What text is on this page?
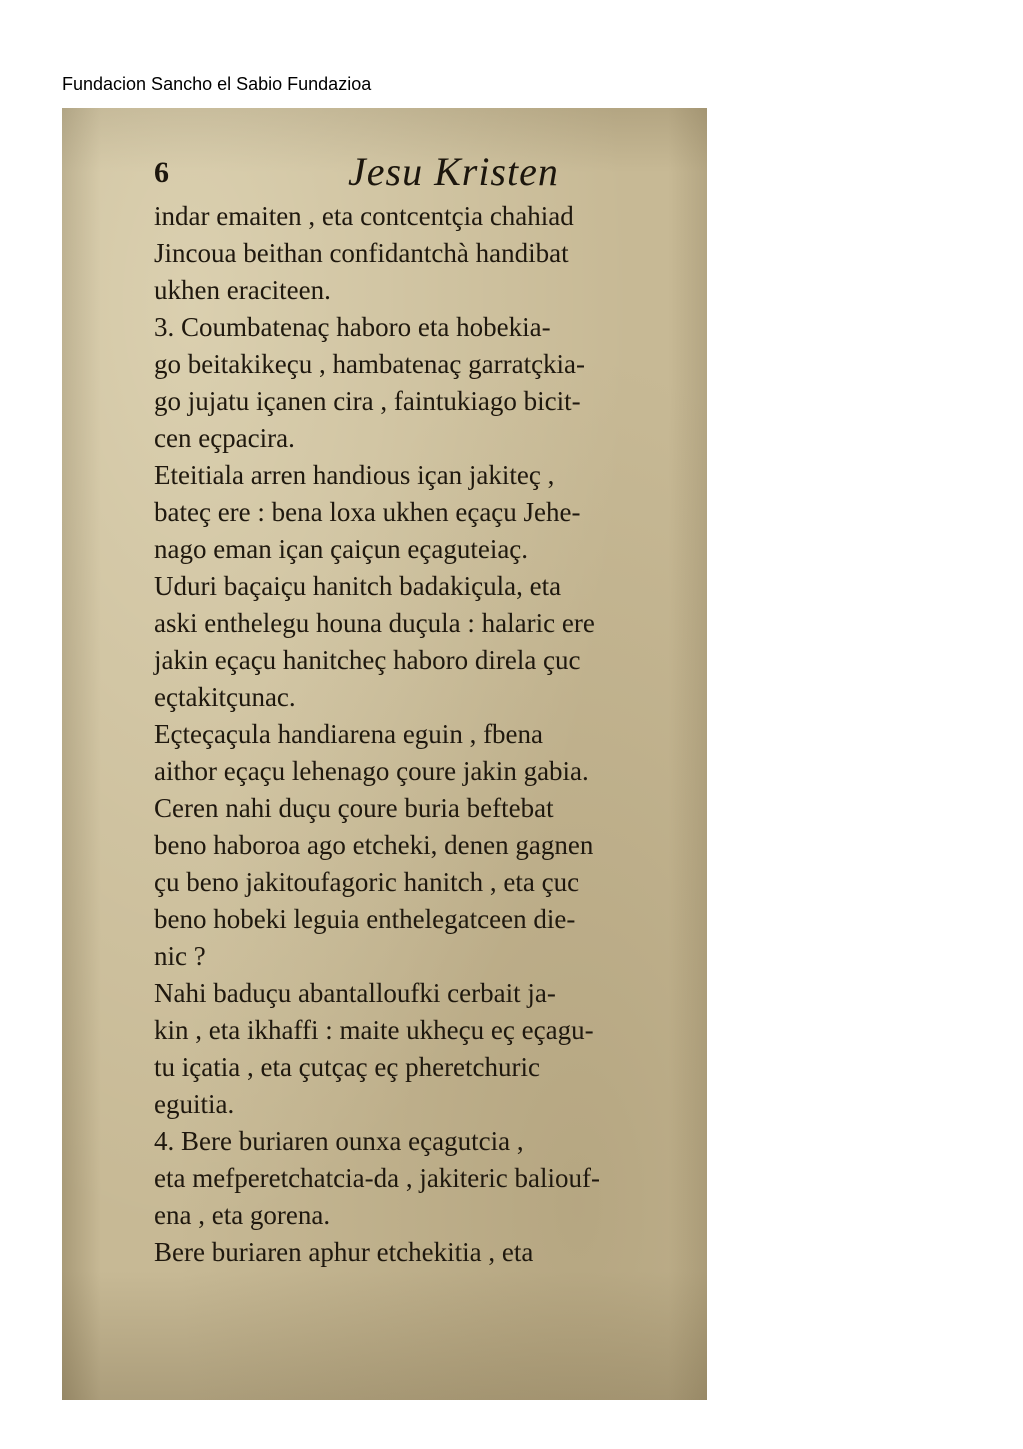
Fundacion Sancho el Sabio Fundazioa
6	Jesu Kristen
indar emaiten , eta contcentçia chahiad
Jincoua beithan confidantchà handibat
ukhen eraciteen.
3. Coumbatenaç haboro eta hobekia-
go beitakikeçu , hambatenaç garratçkia-
go jujatu içanen cira , faintukiago bicit-
cen eçpacira.
Eteitiala arren handious içan jakiteç ,
bateç ere : bena loxa ukhen eçaçu Jehe-
nago eman içan çaiçun eçaguteiaç.
Uduri baçaiçu hanitch badakiçula, eta
aski enthelegu houna duçula : halaric ere
jakin eçaçu hanitcheç haboro direla çuc
eçtakitçunac.
Eçteçaçula handiarena eguin , fbena
aithor eçaçu lehenago çoure jakin gabia.
Ceren nahi duçu çoure buria beftebat
beno haboroa ago etcheki, denen gagnen
çu beno jakitoufagoric hanitch , eta çuc
beno hobeki leguia enthelegatceen die-
nic ?
Nahi baduçu abantalloufki cerbait ja-
kin , eta ikhaffi : maite ukheçu eç eçagu-
tu içatia , eta çutçaç eç pheretchuric
eguitia.
4. Bere buriaren ounxa eçagutcia ,
eta mefperetchatcia-da , jakiteric baliouf-
ena , eta gorena.
Bere buriaren aphur etchekitia , eta
